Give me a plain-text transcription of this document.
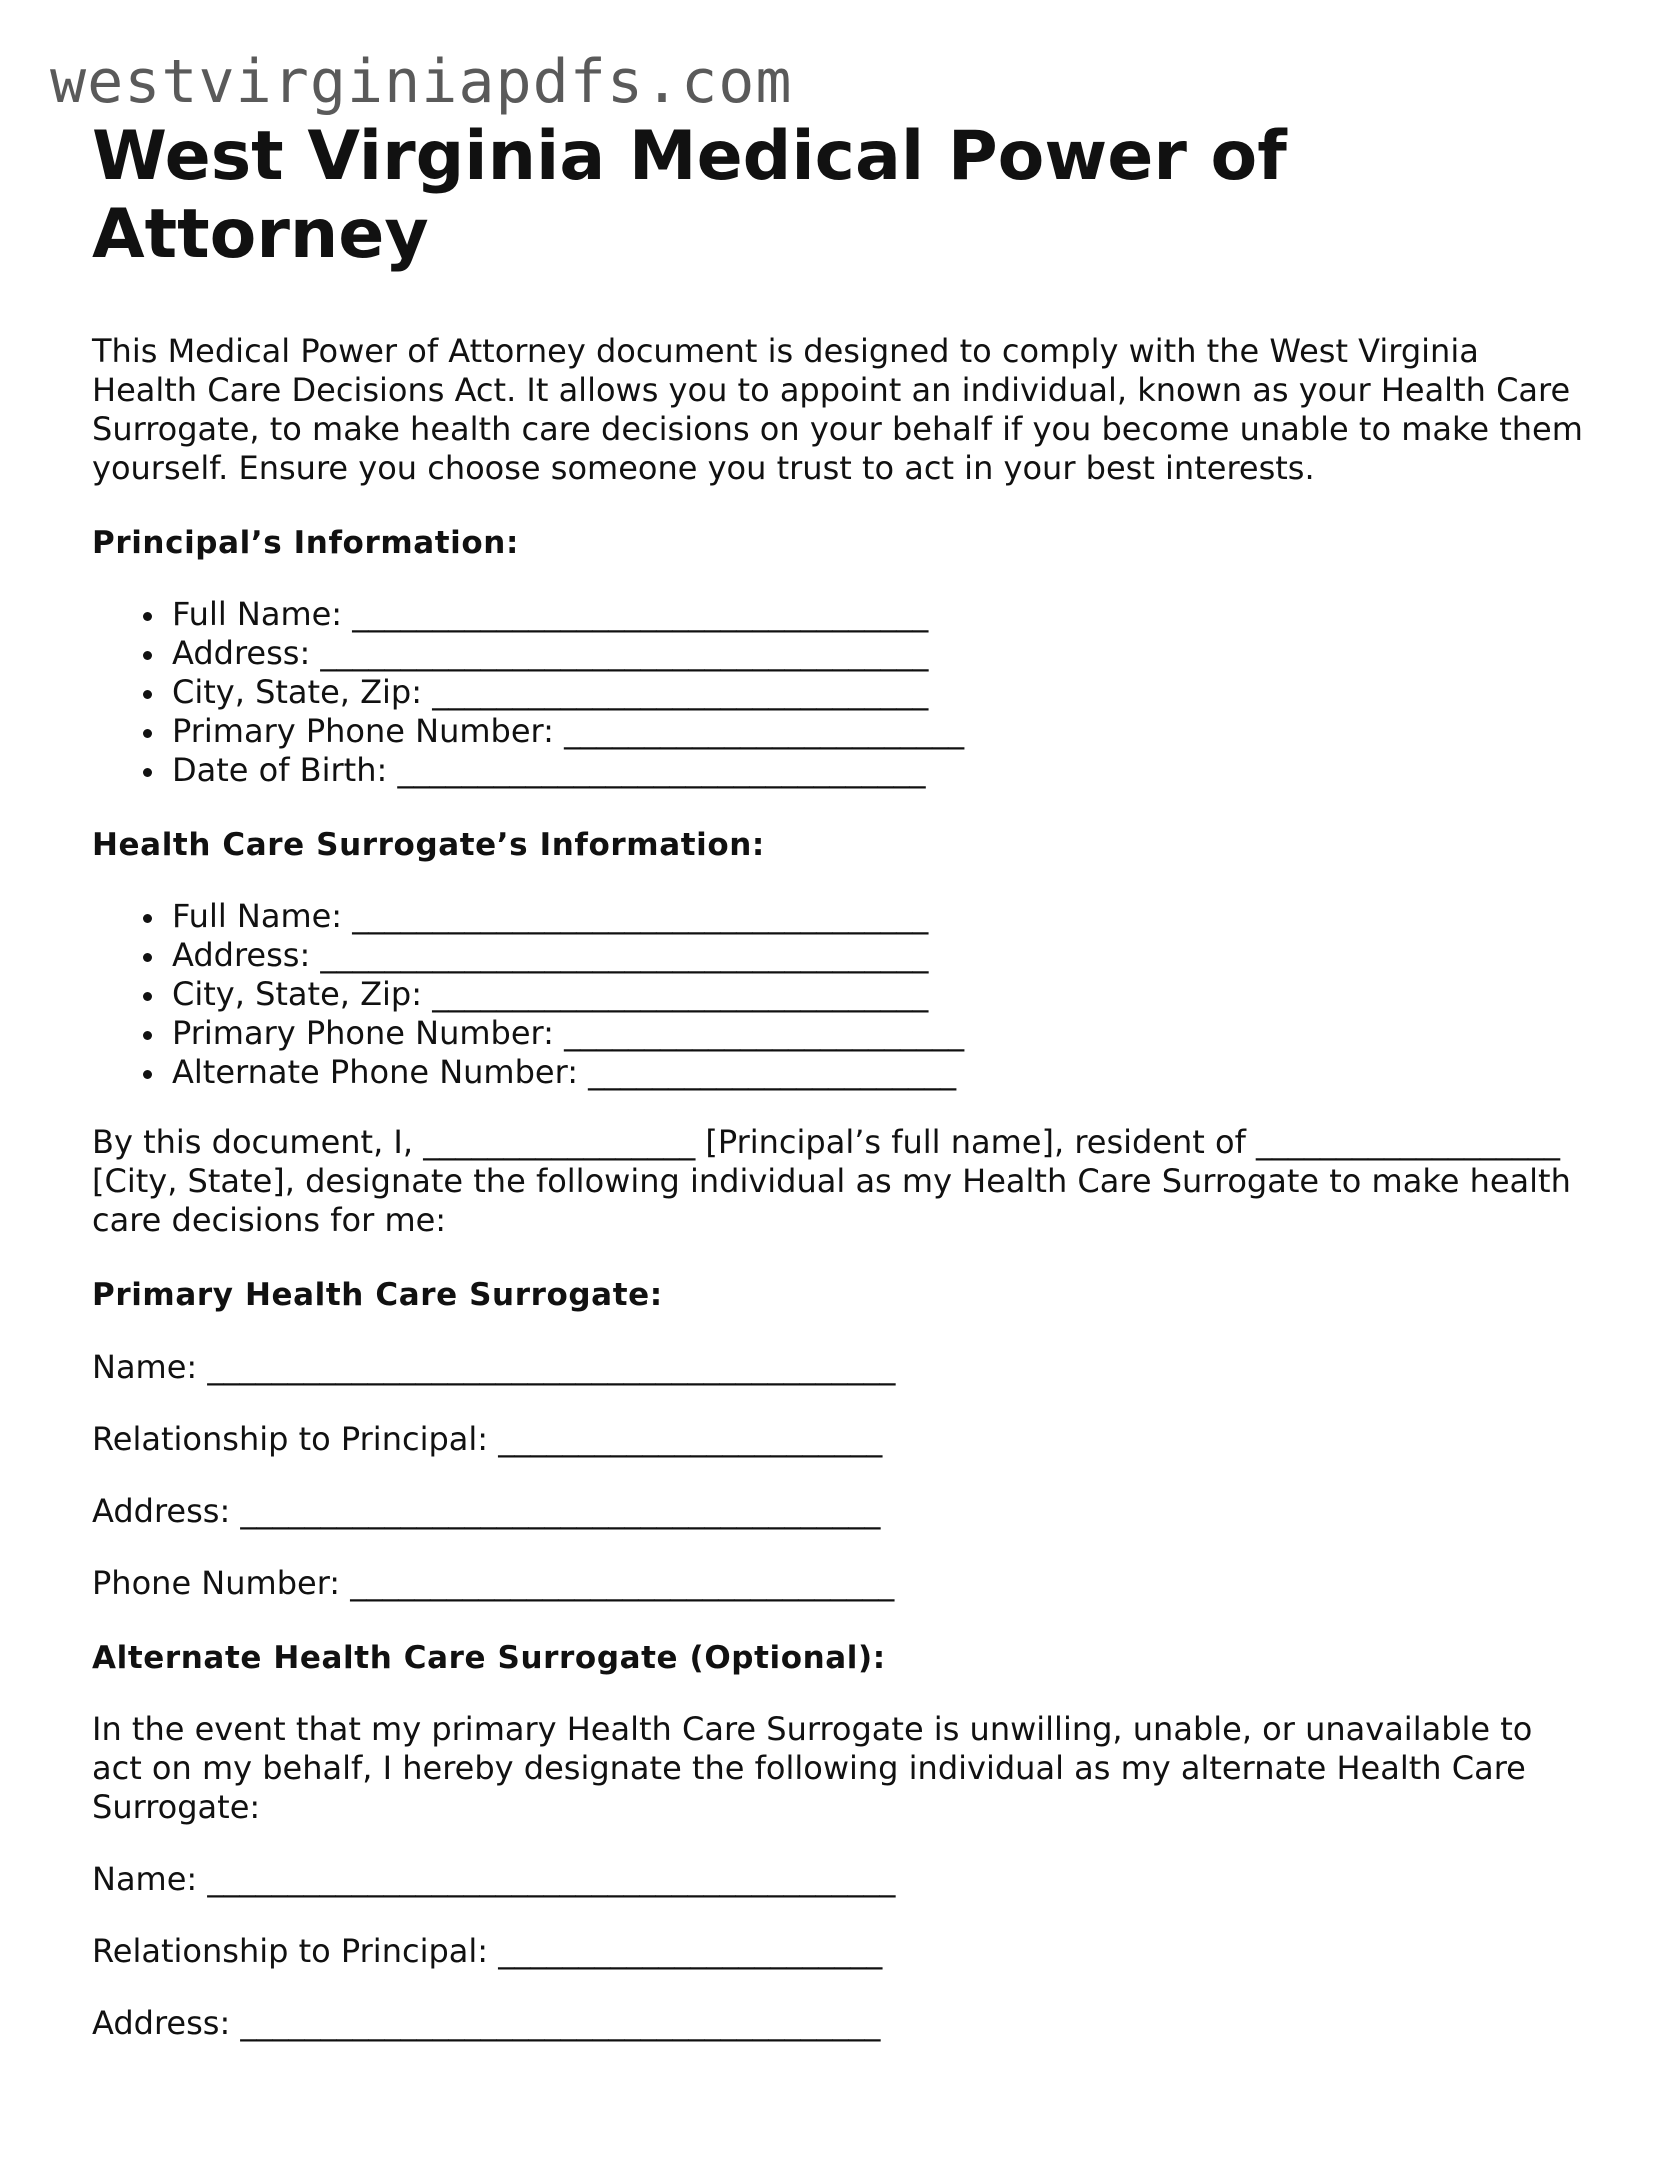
westvirginiapdfs.com
West Virginia Medical Power of Attorney

This Medical Power of Attorney document is designed to comply with the West Virginia Health Care Decisions Act. It allows you to appoint an individual, known as your Health Care Surrogate, to make health care decisions on your behalf if you become unable to make them yourself. Ensure you choose someone you trust to act in your best interests.

Principal’s Information:
Full Name: ____________________________________
Address: ______________________________________
City, State, Zip: _______________________________
Primary Phone Number: _________________________
Date of Birth: _________________________________
Health Care Surrogate’s Information:
Full Name: ____________________________________
Address: ______________________________________
City, State, Zip: _______________________________
Primary Phone Number: _________________________
Alternate Phone Number: _______________________

By this document, I, _________________ [Principal’s full name], resident of ___________________ [City, State], designate the following individual as my Health Care Surrogate to make health care decisions for me:

Primary Health Care Surrogate:
Name: ___________________________________________
Relationship to Principal: ________________________
Address: ________________________________________
Phone Number: __________________________________
Alternate Health Care Surrogate (Optional):

In the event that my primary Health Care Surrogate is unwilling, unable, or unavailable to act on my behalf, I hereby designate the following individual as my alternate Health Care Surrogate:

Name: ___________________________________________
Relationship to Principal: ________________________
Address: ________________________________________
